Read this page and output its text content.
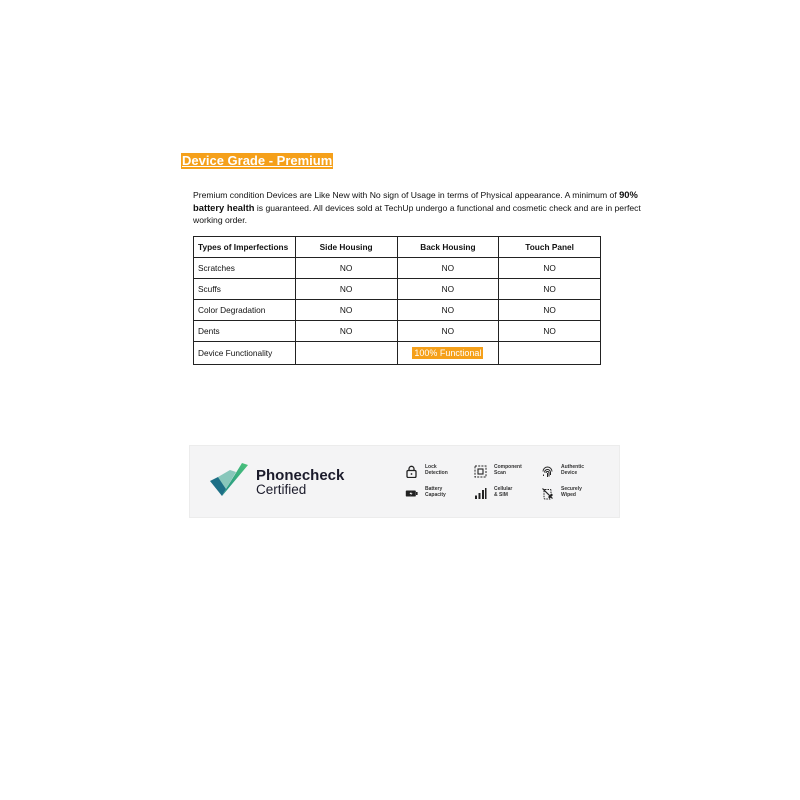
Device Grade - Premium

Premium condition Devices are Like New with No sign of Usage in terms of Physical appearance. A minimum of 90%
battery health is guaranteed. All devices sold at TechUp undergo a functional and cosmetic check and are in perfect working order.

Types of Imperfections	Side Housing	Back Housing	Touch Panel
Scratches	NO	NO	NO
Scuffs	NO	NO	NO
Color Degradation	NO	NO	NO
Dents	NO	NO	NO
Device Functionality		100% Functional	
Phonecheck
Certified
Lock
Detection
Component
Scan
Authentic
Device
Battery
Capacity
Cellular
& SIM
Securely
Wiped
